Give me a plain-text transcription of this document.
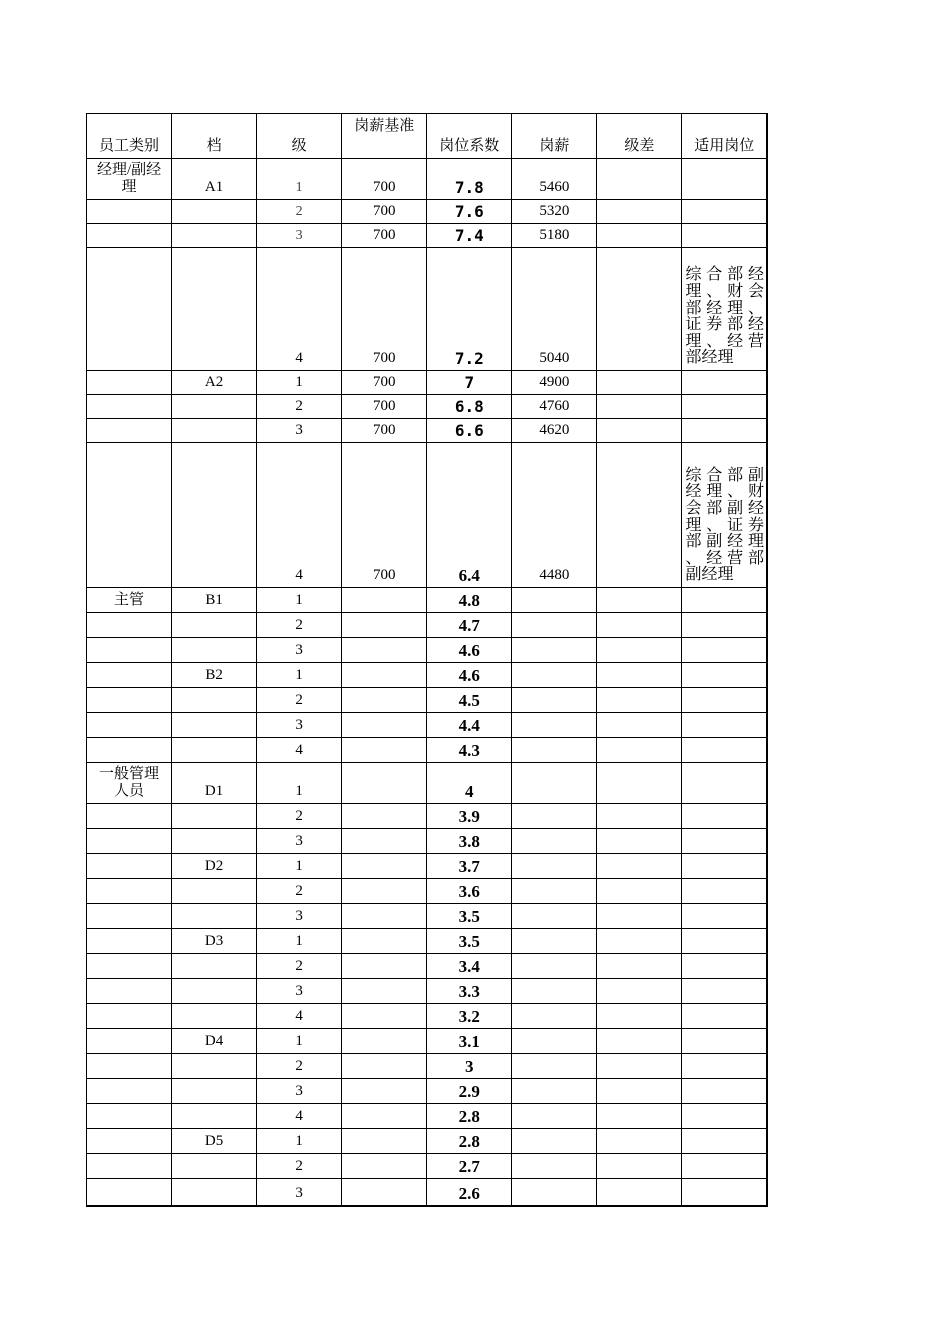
员工类别	档	级	岗薪基准	岗位系数	岗薪	级差	适用岗位
经理/副经理	A1	1	700	7.8	5460		
		2	700	7.6	5320		
		3	700	7.4	5180		
		4	700	7.2	5040		综合部经理、财会部经理、证券部经理、经营部经理
	A2	1	700	7	4900		
		2	700	6.8	4760		
		3	700	6.6	4620		
		4	700	6.4	4480		综合部副经理、财会部副经理、证券部副经理、经营部副经理
主管	B1	1		4.8			
		2		4.7			
		3		4.6			
	B2	1		4.6			
		2		4.5			
		3		4.4			
		4		4.3			
一般管理人员	D1	1		4			
		2		3.9			
		3		3.8			
	D2	1		3.7			
		2		3.6			
		3		3.5			
	D3	1		3.5			
		2		3.4			
		3		3.3			
		4		3.2			
	D4	1		3.1			
		2		3			
		3		2.9			
		4		2.8			
	D5	1		2.8			
		2		2.7			
		3		2.6			
